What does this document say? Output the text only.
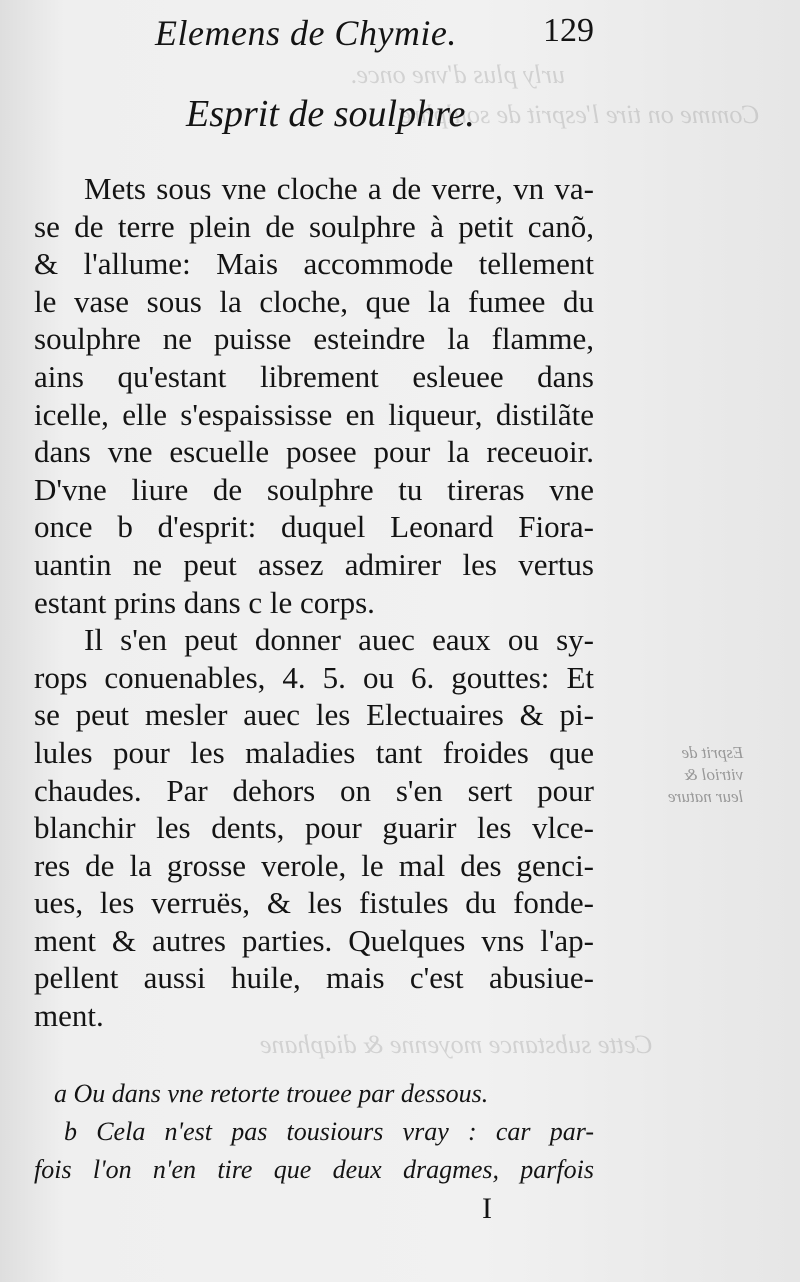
urly plus d'vne once.
Comme on tire l'esprit de soulphre
Cette substance moyenne & diaphane
Elemens de Chymie.	129
Esprit de soulphre.
Mets sous vne cloche a de verre, vn va-
se de terre plein de soulphre à petit canõ,
& l'allume: Mais accommode tellement
le vase sous la cloche, que la fumee du
soulphre ne puisse esteindre la flamme,
ains qu'estant librement esleuee dans
icelle, elle s'espaississe en liqueur, distilãte
dans vne escuelle posee pour la receuoir.
D'vne liure de soulphre tu tireras vne
once b d'esprit: duquel Leonard Fiora-
uantin ne peut assez admirer les vertus
estant prins dans c le corps.
Il s'en peut donner auec eaux ou sy-
rops conuenables, 4. 5. ou 6. gouttes: Et
se peut mesler auec les Electuaires & pi-
lules pour les maladies tant froides que
chaudes. Par dehors on s'en sert pour
blanchir les dents, pour guarir les vlce-
res de la grosse verole, le mal des genci-
ues, les verruës, & les fistules du fonde-
ment & autres parties. Quelques vns l'ap-
pellent aussi huile, mais c'est abusiue-
ment.
a Ou dans vne retorte trouee par dessous.
b Cela n'est pas tousiours vray : car par-
fois l'on n'en tire que deux dragmes, parfois
I
Esprit de
vitriol &
leur nature
